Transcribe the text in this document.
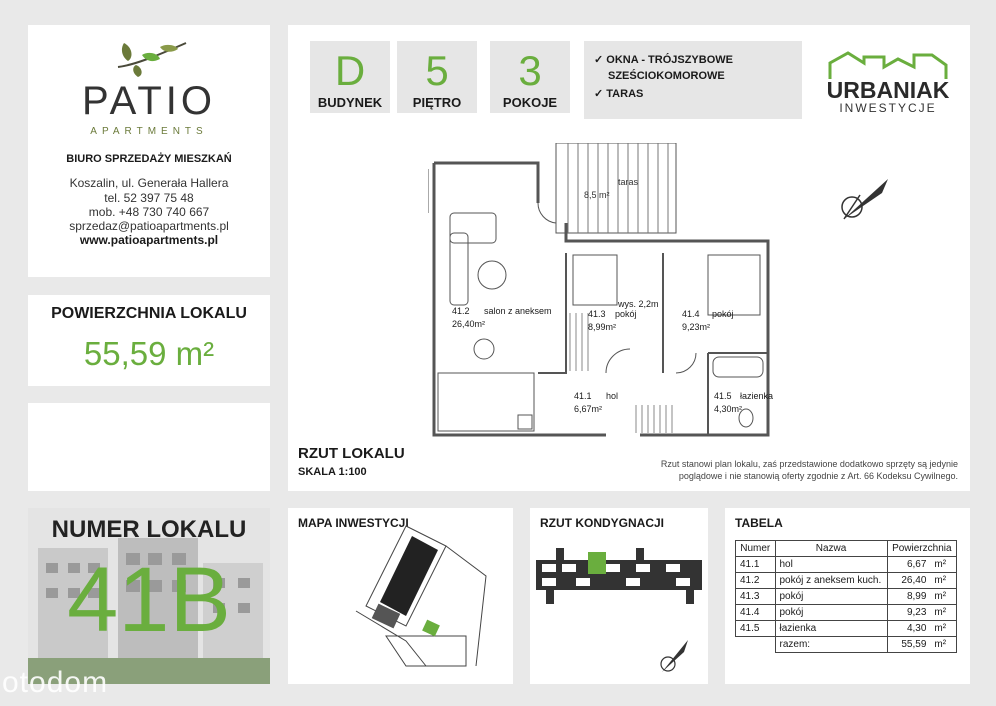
PATIO
APARTMENTS
BIURO SPRZEDAŻY MIESZKAŃ
Koszalin, ul. Generała Hallera
tel. 52 397 75 48
mob. +48 730 740 667
sprzedaz@patioapartments.pl
www.patioapartments.pl
POWIERZCHNIA LOKALU
55,59 m²
NUMER LOKALU
41B
otodom
D
BUDYNEK
5
PIĘTRO
3
POKOJE
✓ OKNA - TRÓJSZYBOWE
SZEŚCIOKOMOROWE
✓ TARAS	URBANIAK
INWESTYCJE
8,5 m²
taras
41.2 salon z aneksem
26,40m²
41.3 pokój
8,99m²
wys. 2,2m
41.4 pokój
9,23m²
41.1 hol
6,67m²
41.5 łazienka
4,30m²
RZUT LOKALU
SKALA 1:100
Rzut stanowi plan lokalu, zaś przedstawione dodatkowo sprzęty są jedynie
poglądowe i nie stanowią oferty zgodnie z Art. 66 Kodeksu Cywilnego.
MAPA INWESTYCJI	RZUT KONDYGNACJI	TABELA
Numer	Nazwa	Powierzchnia	
41.1	hol	6,67	m²
41.2	pokój z aneksem kuch.	26,40	m²
41.3	pokój	8,99	m²
41.4	pokój	9,23	m²
41.5	łazienka	4,30	m²
	razem:	55,59	m²
